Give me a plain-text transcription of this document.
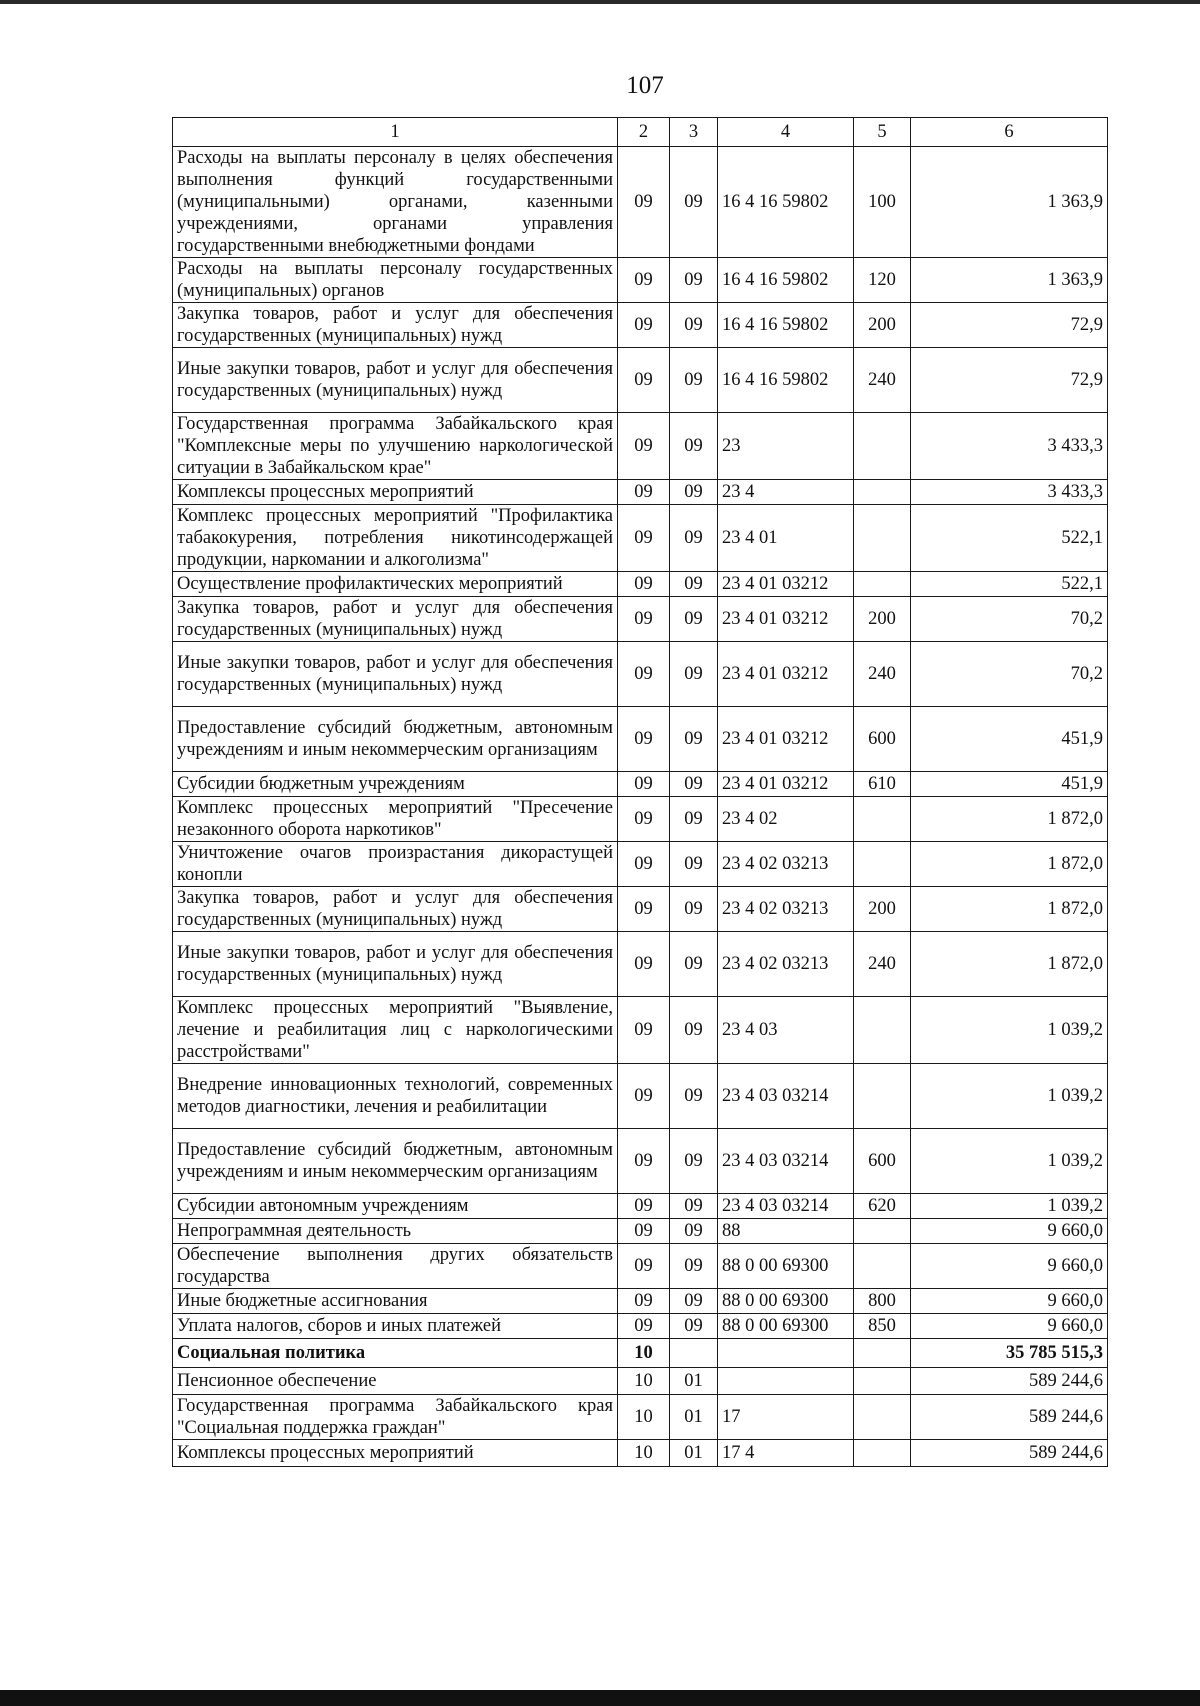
107
1	2	3	4	5	6
Расходы на выплаты персоналу в целях обеспечения выполнения функций государственными (муниципальными) органами, казенными учреждениями, органами управления государственными внебюджетными фондами	09	09	16 4 16 59802	100	1 363,9
Расходы на выплаты персоналу государственных (муниципальных) органов	09	09	16 4 16 59802	120	1 363,9
Закупка товаров, работ и услуг для обеспечения государственных (муниципальных) нужд	09	09	16 4 16 59802	200	72,9
Иные закупки товаров, работ и услуг для обеспечения государственных (муниципальных) нужд	09	09	16 4 16 59802	240	72,9
Государственная программа Забайкальского края "Комплексные меры по улучшению наркологической ситуации в Забайкальском крае"	09	09	23		3 433,3
Комплексы процессных мероприятий	09	09	23 4		3 433,3
Комплекс процессных мероприятий "Профилактика табакокурения, потребления никотинсодержащей продукции, наркомании и алкоголизма"	09	09	23 4 01		522,1
Осуществление профилактических мероприятий	09	09	23 4 01 03212		522,1
Закупка товаров, работ и услуг для обеспечения государственных (муниципальных) нужд	09	09	23 4 01 03212	200	70,2
Иные закупки товаров, работ и услуг для обеспечения государственных (муниципальных) нужд	09	09	23 4 01 03212	240	70,2
Предоставление субсидий бюджетным, автономным учреждениям и иным некоммерческим организациям	09	09	23 4 01 03212	600	451,9
Субсидии бюджетным учреждениям	09	09	23 4 01 03212	610	451,9
Комплекс процессных мероприятий "Пресечение незаконного оборота наркотиков"	09	09	23 4 02		1 872,0
Уничтожение очагов произрастания дикорастущей конопли	09	09	23 4 02 03213		1 872,0
Закупка товаров, работ и услуг для обеспечения государственных (муниципальных) нужд	09	09	23 4 02 03213	200	1 872,0
Иные закупки товаров, работ и услуг для обеспечения государственных (муниципальных) нужд	09	09	23 4 02 03213	240	1 872,0
Комплекс процессных мероприятий "Выявление, лечение и реабилитация лиц с наркологическими расстройствами"	09	09	23 4 03		1 039,2
Внедрение инновационных технологий, современных методов диагностики, лечения и реабилитации	09	09	23 4 03 03214		1 039,2
Предоставление субсидий бюджетным, автономным учреждениям и иным некоммерческим организациям	09	09	23 4 03 03214	600	1 039,2
Субсидии автономным учреждениям	09	09	23 4 03 03214	620	1 039,2
Непрограммная деятельность	09	09	88		9 660,0
Обеспечение выполнения других обязательств государства	09	09	88 0 00 69300		9 660,0
Иные бюджетные ассигнования	09	09	88 0 00 69300	800	9 660,0
Уплата налогов, сборов и иных платежей	09	09	88 0 00 69300	850	9 660,0
Социальная политика	10				35 785 515,3
Пенсионное обеспечение	10	01			589 244,6
Государственная программа Забайкальского края "Социальная поддержка граждан"	10	01	17		589 244,6
Комплексы процессных мероприятий	10	01	17 4		589 244,6
